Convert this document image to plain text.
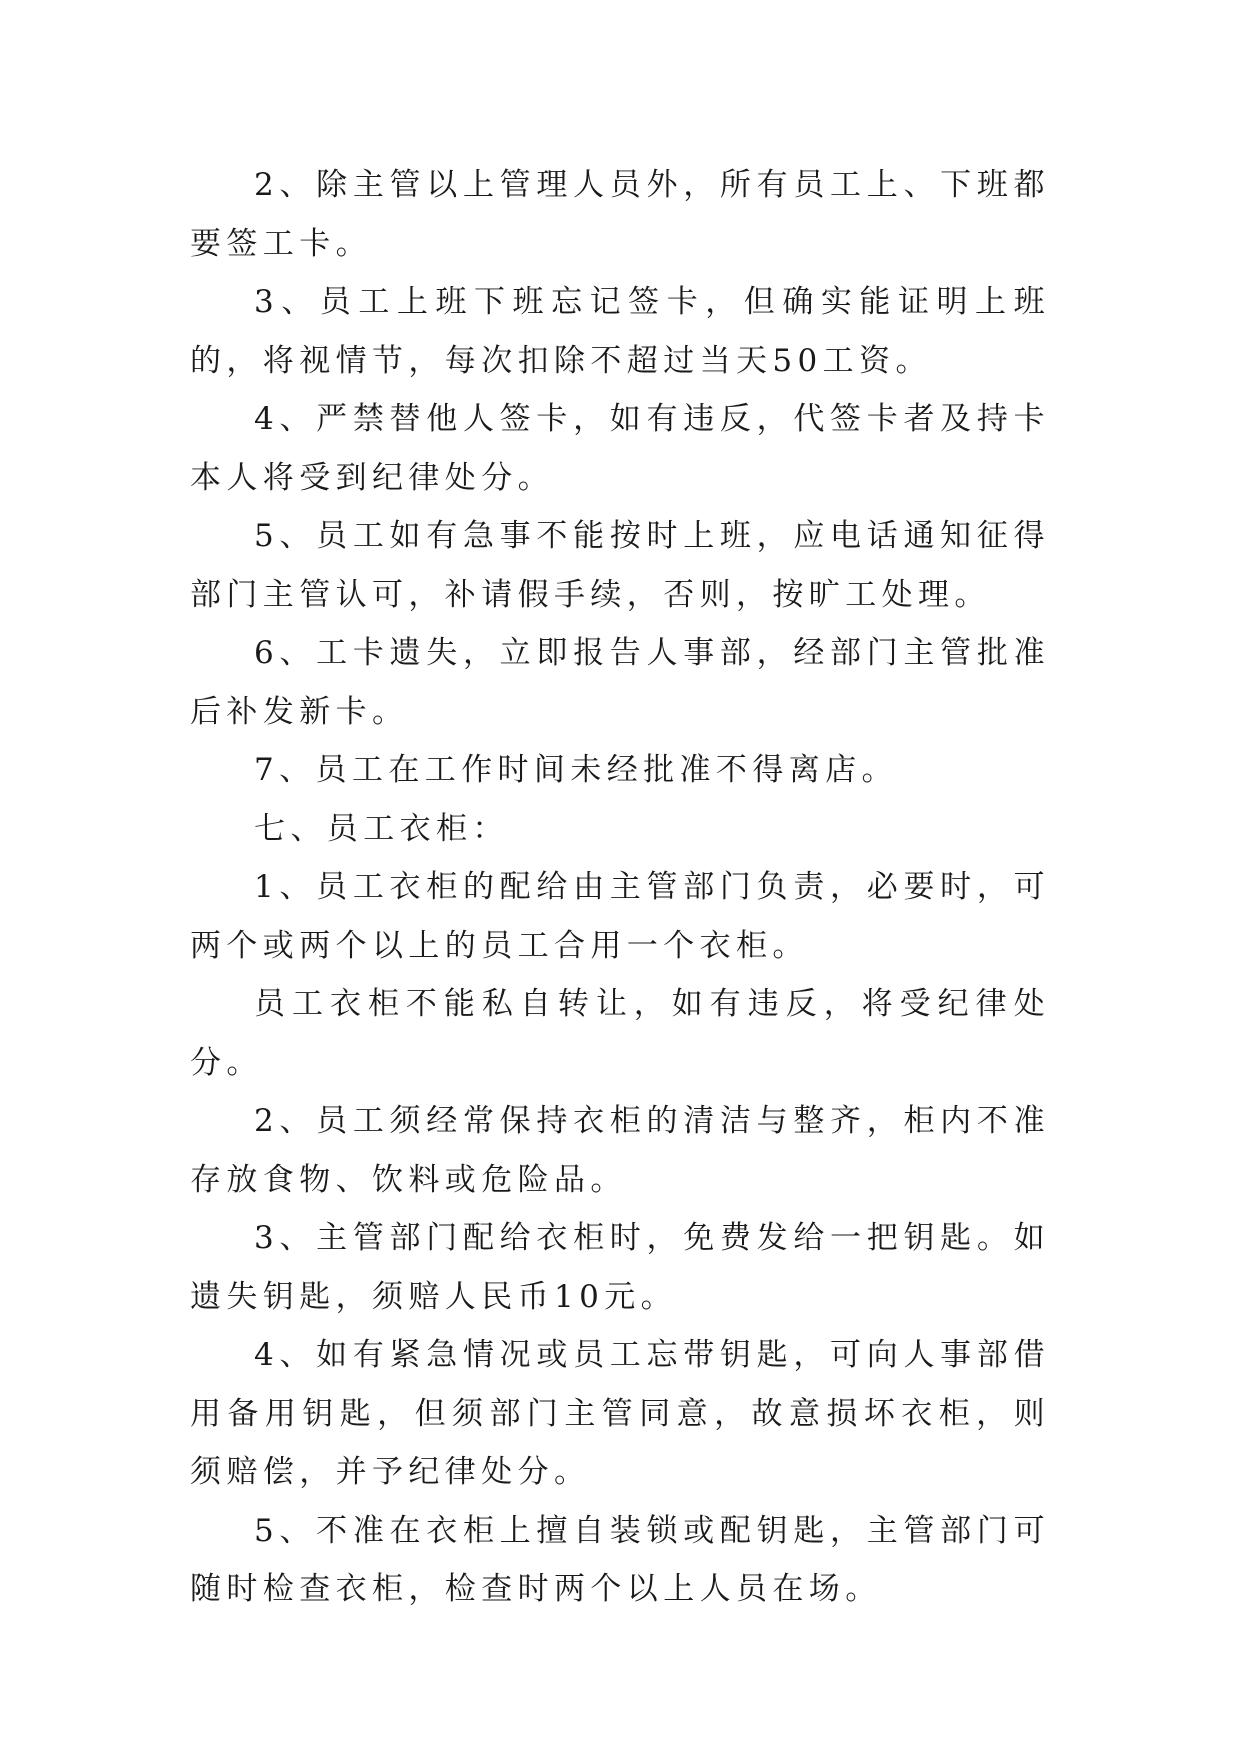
2、除主管以上管理人员外，所有员工上、下班都要签工卡。

3、员工上班下班忘记签卡，但确实能证明上班的，将视情节，每次扣除不超过当天50工资。

4、严禁替他人签卡，如有违反，代签卡者及持卡本人将受到纪律处分。

5、员工如有急事不能按时上班，应电话通知征得部门主管认可，补请假手续，否则，按旷工处理。

6、工卡遗失，立即报告人事部，经部门主管批准后补发新卡。

7、员工在工作时间未经批准不得离店。

七、员工衣柜：

1、员工衣柜的配给由主管部门负责，必要时，可两个或两个以上的员工合用一个衣柜。

员工衣柜不能私自转让，如有违反，将受纪律处分。

2、员工须经常保持衣柜的清洁与整齐，柜内不准存放食物、饮料或危险品。

3、主管部门配给衣柜时，免费发给一把钥匙。如遗失钥匙，须赔人民币10元。

4、如有紧急情况或员工忘带钥匙，可向人事部借用备用钥匙，但须部门主管同意，故意损坏衣柜，则须赔偿，并予纪律处分。

5、不准在衣柜上擅自装锁或配钥匙，主管部门可随时检查衣柜，检查时两个以上人员在场。
